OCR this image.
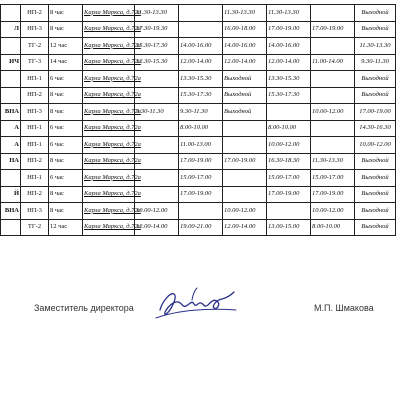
	НП-2	8 час	Карла Маркса, д.72а	11.30-13.30		11.30-13.30	11.30-13.30		Выходной
Л	НП-3	8 час	Карла Маркса, д.72а	17.30-19.30		16.00-18.00	17.00-19.00	17.00-19.00	Выходной
	ТГ-2	12 час	Карла Маркса, д.72а	15.30-17.30	14.00-16.00	14.00-16.00	14.00-16.00		11.30-13.30
ИЧ	ТГ-3	14 час	Карла Маркса, д.72а	12.30-15.30	12.00-14.00	12.00-14.00	12.00-14.00	11.00-14.00	9.30-11.30
	НП-1	6 час	Карла Маркса, д.72а		13.30-15.30	Выходной	13.30-15.30		Выходной
	НП-2	8 час	Карла Маркса, д.72а		15.30-17.30	Выходной	15.30-17.30		Выходной
ВНА	НП-3	8 час	Карла Маркса, д.72а	9.30-11.30	9.30-11.30	Выходной		10.00-12.00	17.00-19.00
А	НП-1	6 час	Карла Маркса, д.72а		8.00-10.00		8.00-10.00		14.30-16.30
А	НП-1	6 час	Карла Маркса, д.72а		11.00-13.00		10.00-12.00		10.00-12.00
НА	НП-2	8 час	Карла Маркса, д.72а		17.00-19.00	17.00-19.00	16.30-18.30	11.30-13.30	Выходной
	НП-1	6 час	Карла Маркса, д.72а		15.00-17.00		15.00-17.00	15.00-17.00	Выходной
Й	НП-2	8 час	Карла Маркса, д.72а		17.00-19.00		17.00-19.00	17.00-19.00	Выходной
ВНА	НП-3	8 час	Карла Маркса, д.72а	10.00-12.00		10.00-12.00		10.00-12.00	Выходной
	ТГ-2	12 час	Карла Маркса, д.72а	12.00-14.00	19.00-21.00	12.00-14.00	13.00-15.00	8.00-10.00	Выходной
Заместитель директора	М.П. Шмакова
